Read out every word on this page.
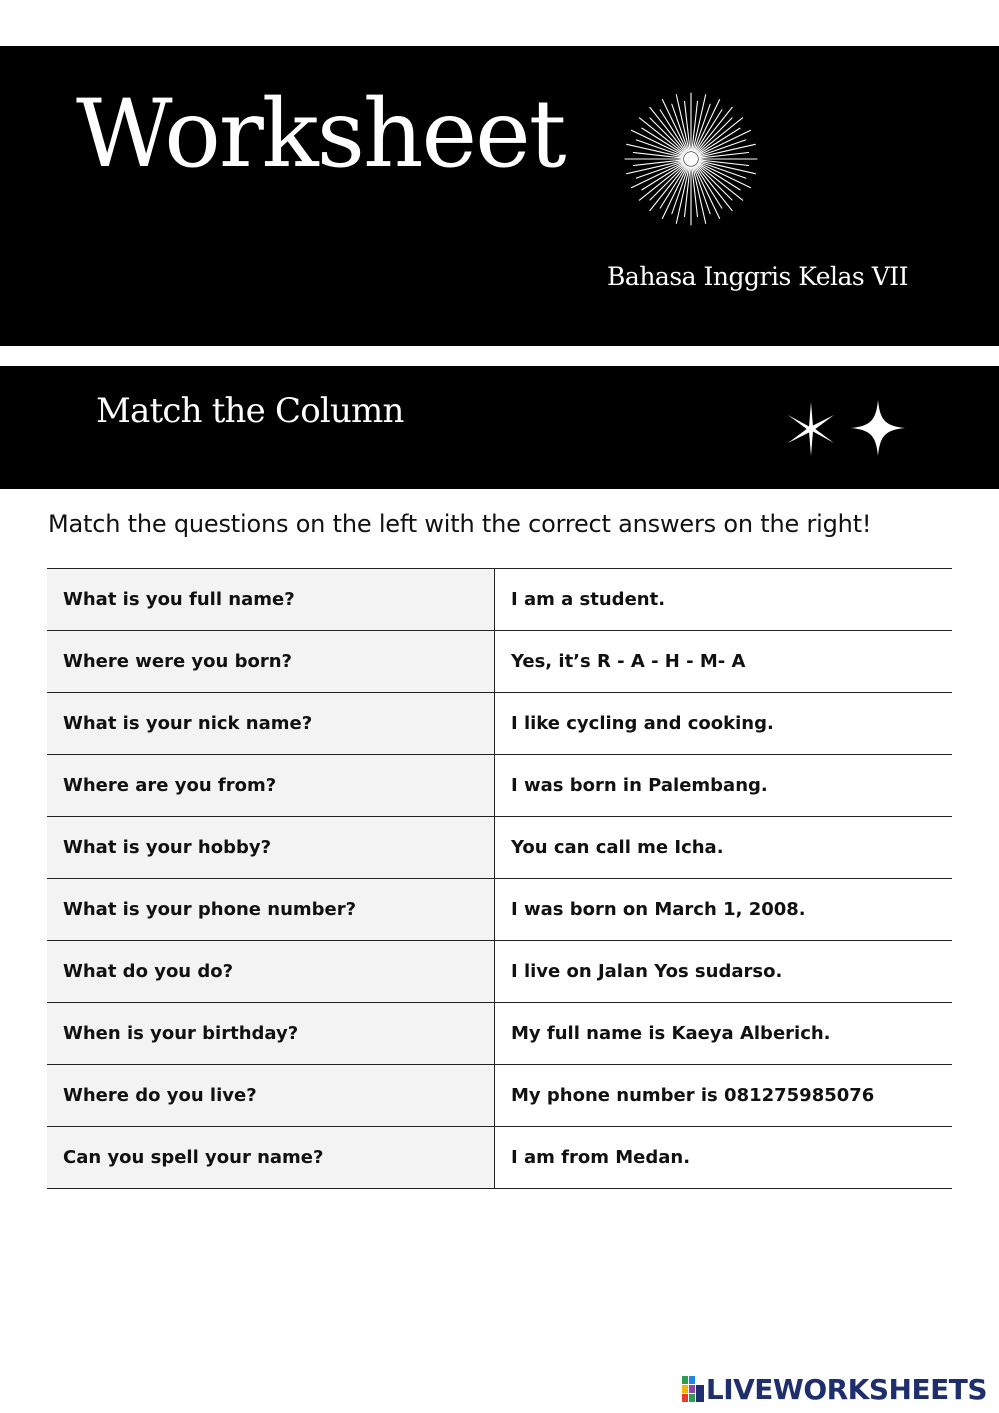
Worksheet
Bahasa Inggris Kelas VII
Match the Column
Match the questions on the left with the correct answers on the right!
What is you full name?	I am a student.
Where were you born?	Yes, it’s R - A - H - M- A
What is your nick name?	I like cycling and cooking.
Where are you from?	I was born in Palembang.
What is your hobby?	You can call me Icha.
What is your phone number?	I was born on March 1, 2008.
What do you do?	I live on Jalan Yos sudarso.
When is your birthday?	My full name is Kaeya Alberich.
Where do you live?	My phone number is 081275985076
Can you spell your name?	I am from Medan.
LIVEWORKSHEETS
